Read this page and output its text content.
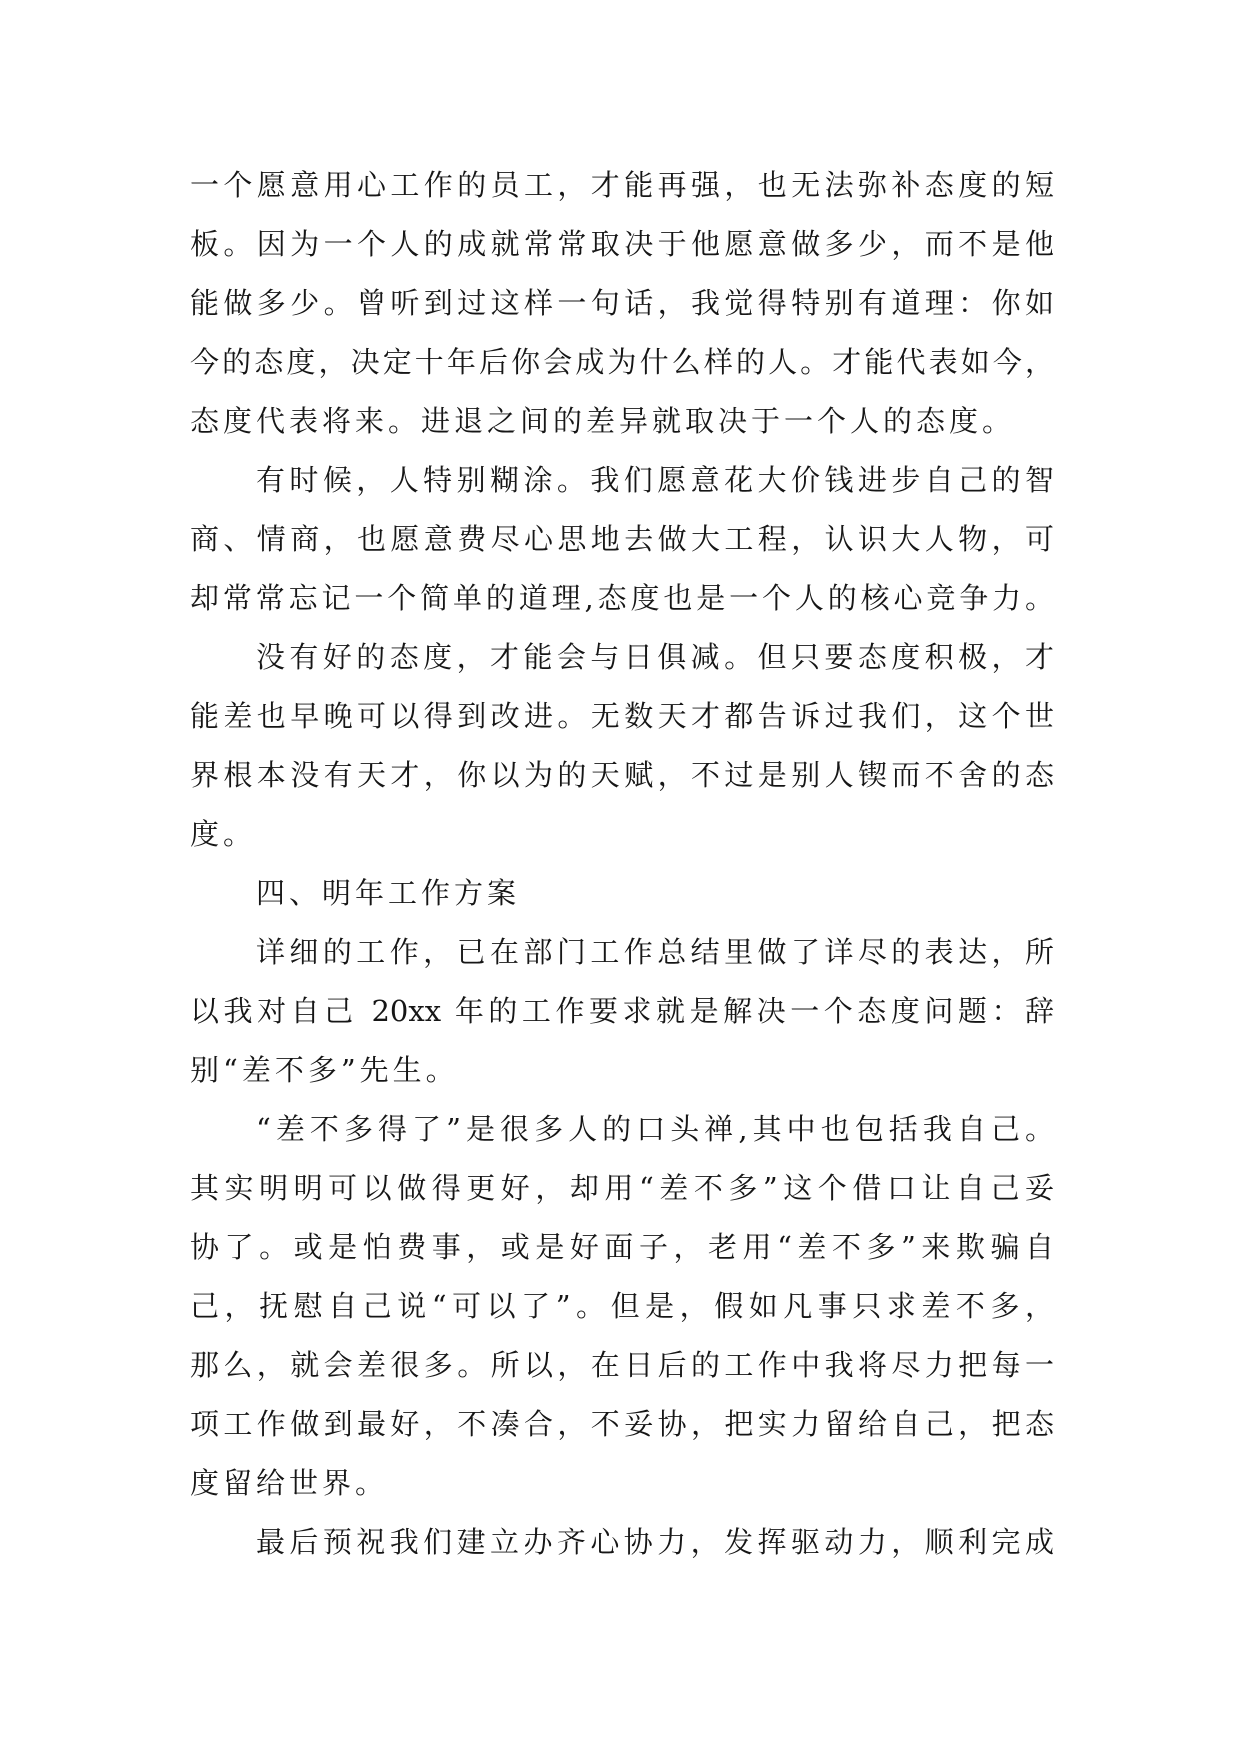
一个愿意用心工作的员工，才能再强，也无法弥补态度的短
板。因为一个人的成就常常取决于他愿意做多少，而不是他
能做多少。曾听到过这样一句话，我觉得特别有道理：你如
今的态度，决定十年后你会成为什么样的人。才能代表如今，
态度代表将来。进退之间的差异就取决于一个人的态度。
有时候，人特别糊涂。我们愿意花大价钱进步自己的智
商、情商，也愿意费尽心思地去做大工程，认识大人物，可
却常常忘记一个简单的道理,态度也是一个人的核心竞争力。
没有好的态度，才能会与日俱减。但只要态度积极，才
能差也早晚可以得到改进。无数天才都告诉过我们，这个世
界根本没有天才，你以为的天赋，不过是别人锲而不舍的态
度。
四、明年工作方案
详细的工作，已在部门工作总结里做了详尽的表达，所
以我对自己 20xx 年的工作要求就是解决一个态度问题：辞
别“差不多”先生。
“差不多得了”是很多人的口头禅,其中也包括我自己。
其实明明可以做得更好，却用“差不多”这个借口让自己妥
协了。或是怕费事，或是好面子，老用“差不多”来欺骗自
己，抚慰自己说“可以了”。但是，假如凡事只求差不多，
那么，就会差很多。所以，在日后的工作中我将尽力把每一
项工作做到最好，不凑合，不妥协，把实力留给自己，把态
度留给世界。
最后预祝我们建立办齐心协力，发挥驱动力，顺利完成
